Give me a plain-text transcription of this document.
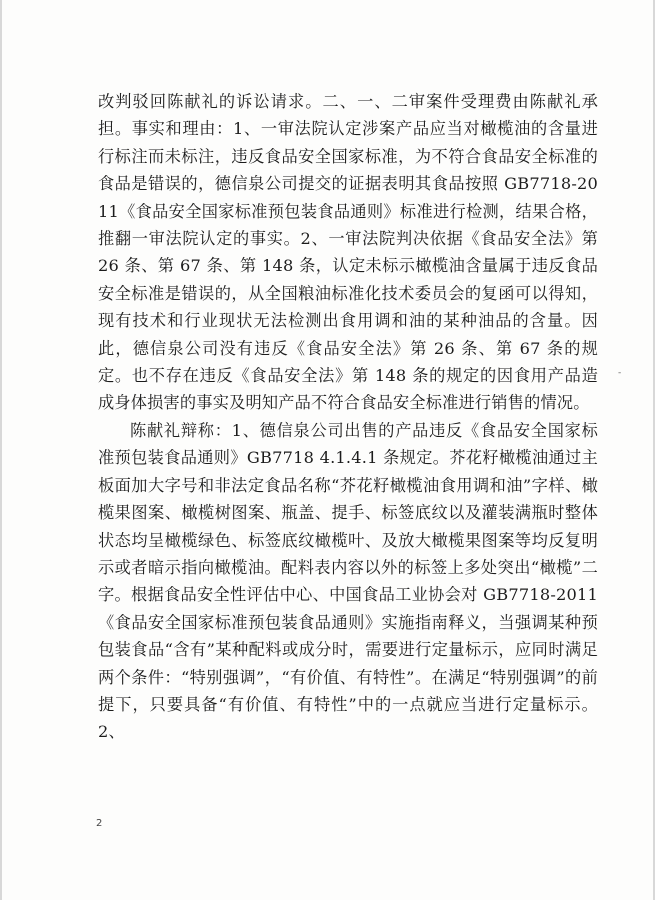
改判驳回陈献礼的诉讼请求。二、一、二审案件受理费由陈献礼承担。事实和理由：1、一审法院认定涉案产品应当对橄榄油的含量进行标注而未标注，违反食品安全国家标准，为不符合食品安全标准的食品是错误的，德信泉公司提交的证据表明其食品按照 GB7718-2011《食品安全国家标准预包装食品通则》标准进行检测，结果合格，推翻一审法院认定的事实。2、一审法院判决依据《食品安全法》第 26 条、第 67 条、第 148 条，认定未标示橄榄油含量属于违反食品安全标准是错误的，从全国粮油标准化技术委员会的复函可以得知，现有技术和行业现状无法检测出食用调和油的某种油品的含量。因此，德信泉公司没有违反《食品安全法》第 26 条、第 67 条的规定。也不存在违反《食品安全法》第 148 条的规定的因食用产品造成身体损害的事实及明知产品不符合食品安全标准进行销售的情况。

陈献礼辩称：1、德信泉公司出售的产品违反《食品安全国家标准预包装食品通则》GB7718 4.1.4.1 条规定。芥花籽橄榄油通过主板面加大字号和非法定食品名称“芥花籽橄榄油食用调和油”字样、橄榄果图案、橄榄树图案、瓶盖、提手、标签底纹以及灌装满瓶时整体状态均呈橄榄绿色、标签底纹橄榄叶、及放大橄榄果图案等均反复明示或者暗示指向橄榄油。配料表内容以外的标签上多处突出“橄榄”二字。根据食品安全性评估中心、中国食品工业协会对 GB7718-2011《食品安全国家标准预包装食品通则》实施指南释义，当强调某种预包装食品“含有”某种配料或成分时，需要进行定量标示，应同时满足两个条件：“特别强调”，“有价值、有特性”。在满足“特别强调”的前提下，只要具备“有价值、有特性”中的一点就应当进行定量标示。2、

-
2
